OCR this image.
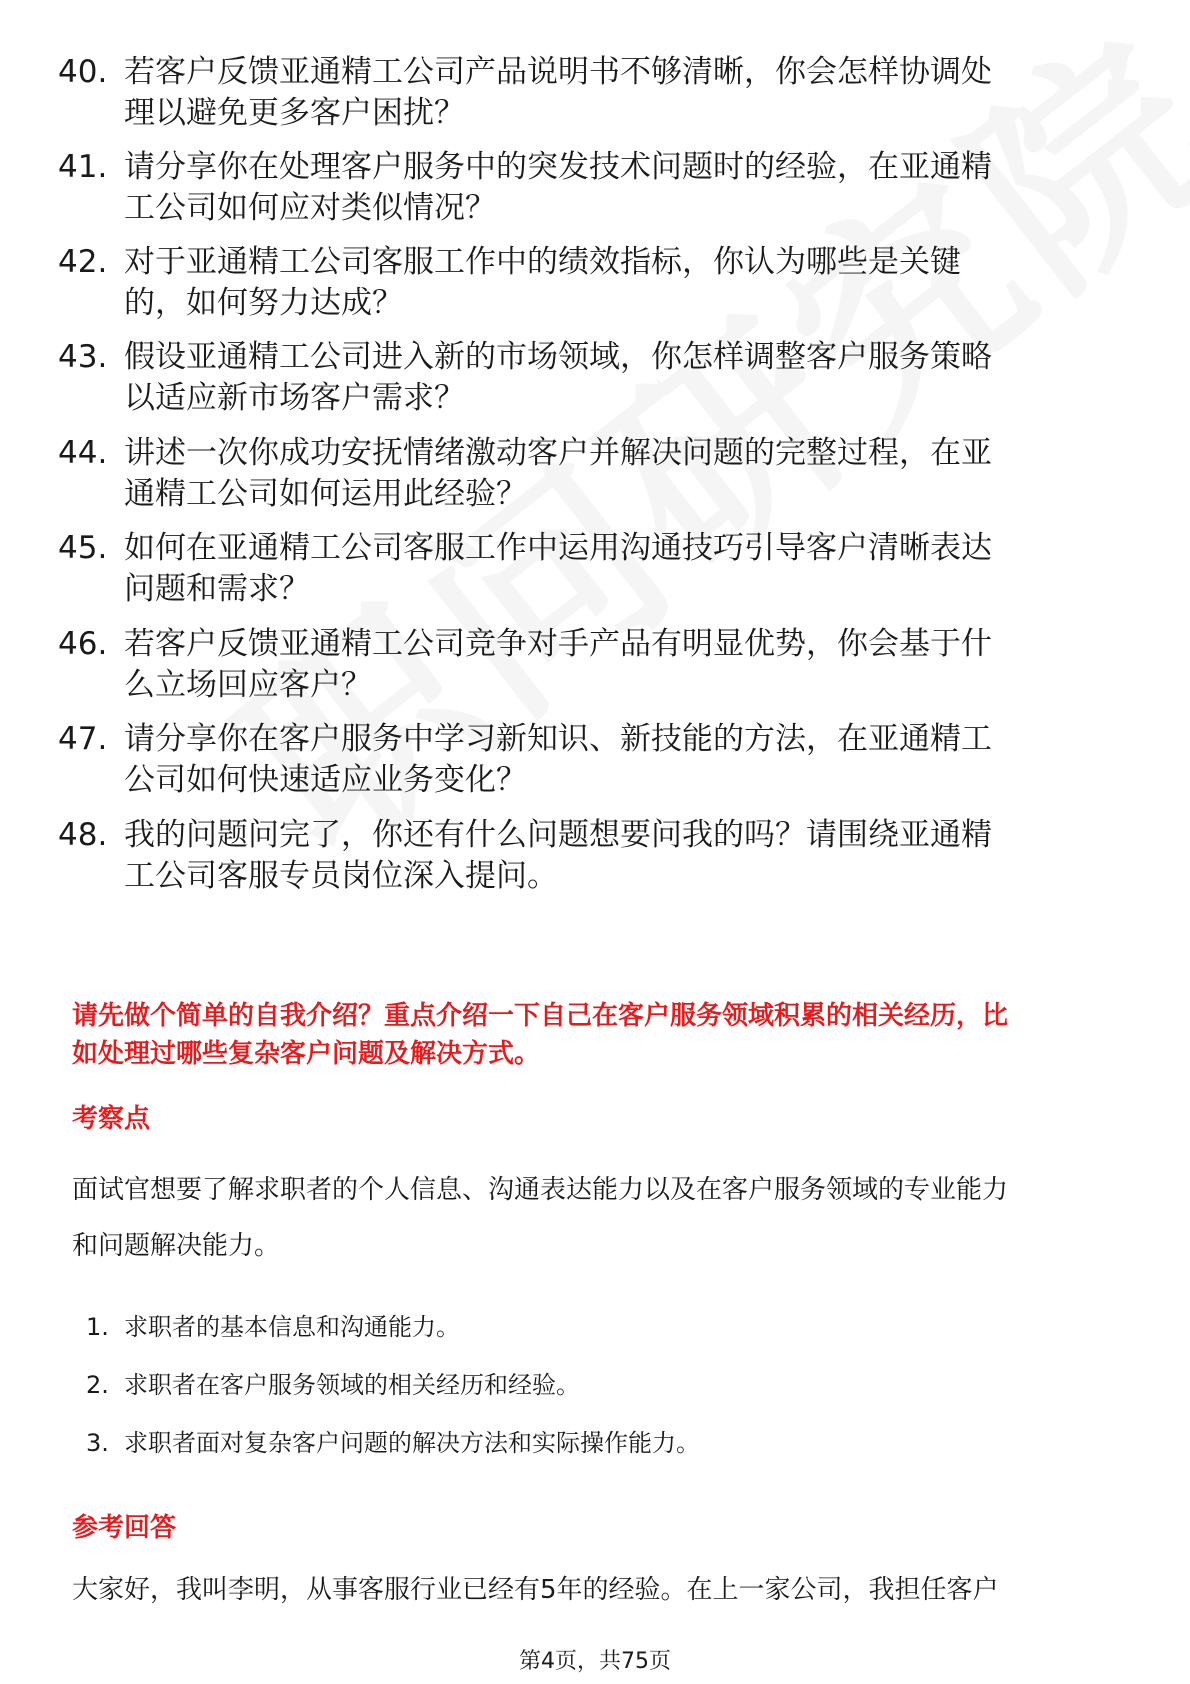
40. 若客户反馈亚通精工公司产品说明书不够清晰，你会怎样协调处
理以避免更多客户困扰？
41. 请分享你在处理客户服务中的突发技术问题时的经验，在亚通精
工公司如何应对类似情况？
42. 对于亚通精工公司客服工作中的绩效指标，你认为哪些是关键
的，如何努力达成？
43. 假设亚通精工公司进入新的市场领域，你怎样调整客户服务策略
以适应新市场客户需求？
44. 讲述一次你成功安抚情绪激动客户并解决问题的完整过程，在亚
通精工公司如何运用此经验？
45. 如何在亚通精工公司客服工作中运用沟通技巧引导客户清晰表达
问题和需求？
46. 若客户反馈亚通精工公司竞争对手产品有明显优势，你会基于什
么立场回应客户？
47. 请分享你在客户服务中学习新知识、新技能的方法，在亚通精工
公司如何快速适应业务变化？
48. 我的问题问完了，你还有什么问题想要问我的吗？请围绕亚通精
工公司客服专员岗位深入提问。
请先做个简单的自我介绍？重点介绍一下自己在客户服务领域积累的相关经历，比
如处理过哪些复杂客户问题及解决方式。
考察点
面试官想要了解求职者的个人信息、沟通表达能力以及在客户服务领域的专业能力
和问题解决能力。
1. 求职者的基本信息和沟通能力。
2. 求职者在客户服务领域的相关经历和经验。
3. 求职者面对复杂客户问题的解决方法和实际操作能力。
参考回答
大家好，我叫李明，从事客服行业已经有5年的经验。在上一家公司，我担任客户
第4页，共75页
